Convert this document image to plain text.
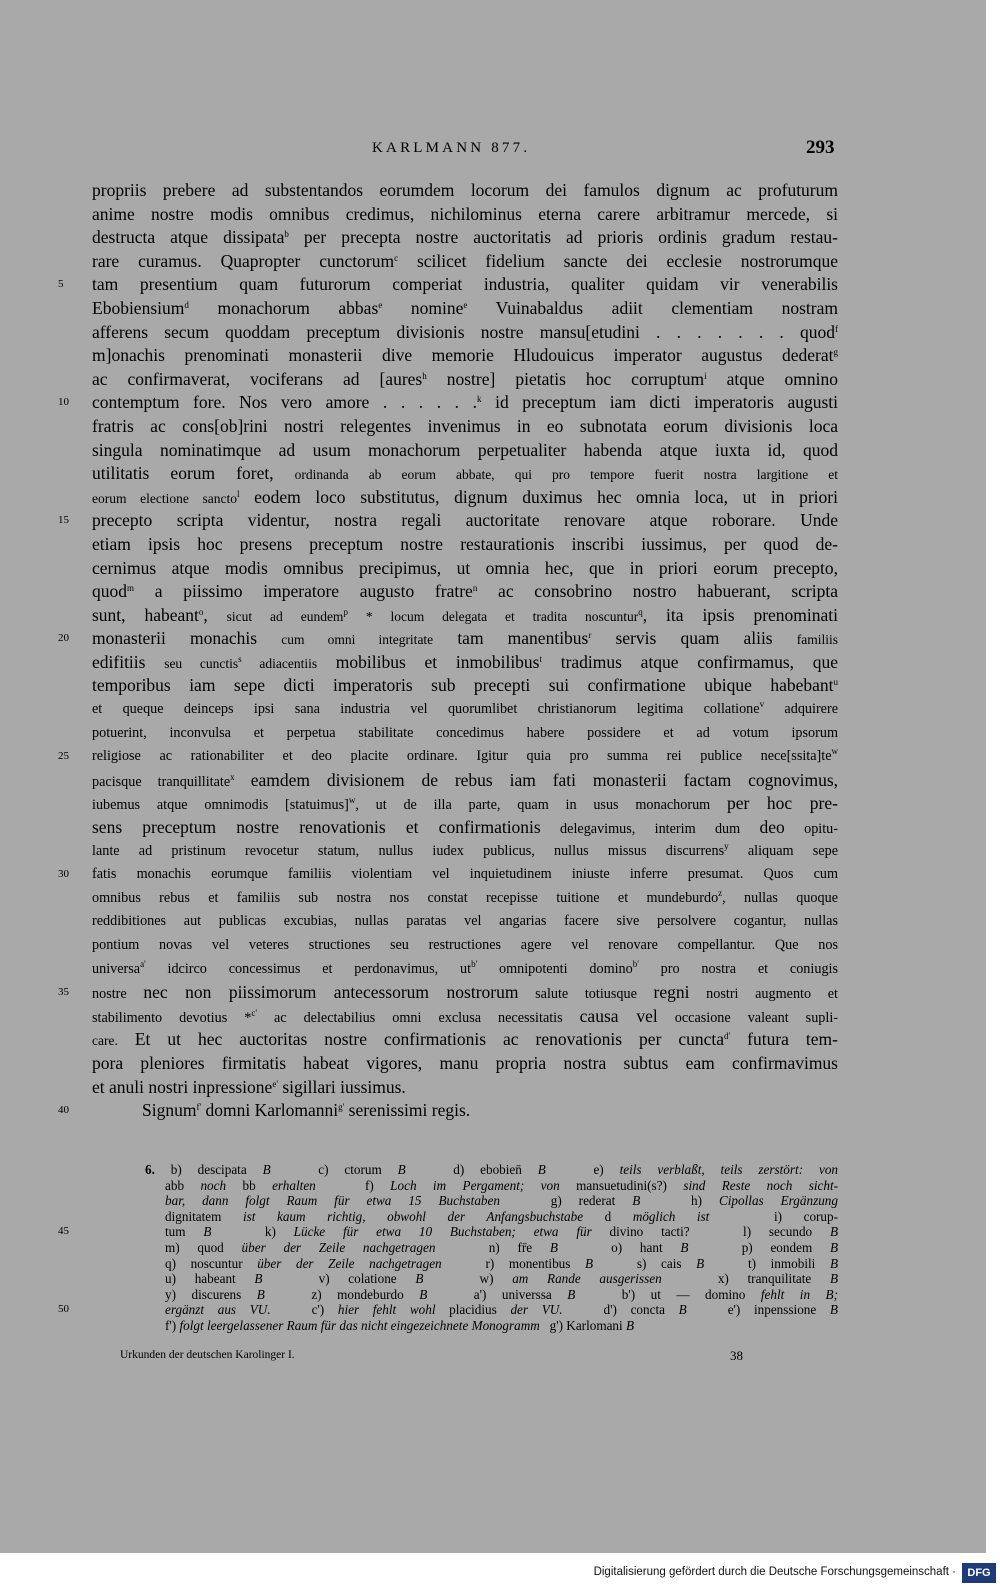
KARLMANN 877.	293
propriis prebere ad substentandos eorumdem locorum dei famulos dignum ac profuturum
anime nostre modis omnibus credimus, nichilominus eterna carere arbitramur mercede, si
destructa atque dissipata$^b$ per precepta nostre auctoritatis ad prioris ordinis gradum restau-
rare curamus. Quapropter cunctorum$^c$ scilicet fidelium sancte dei ecclesie nostrorumque
tam presentium quam futurorum comperiat industria, qualiter quidam vir venerabilis
5
Ebobiensium$^d$ monachorum abbas$^e$ nomine$^e$ Vuinabaldus adiit clementiam nostram
afferens secum quoddam preceptum divisionis nostre mansu[etudini . . . . . . . quod$^f$
m]onachis prenominati monasterii dive memorie Hludouicus imperator augustus dederat$^g$
ac confirmaverat, vociferans ad [aures$^h$ nostre] pietatis hoc corruptum$^i$ atque omnino
contemptum fore. Nos vero amore . . . . . .$^k$ id preceptum iam dicti imperatoris augusti
10
fratris ac cons[ob]rini nostri relegentes invenimus in eo subnotata eorum divisionis loca
singula nominatimque ad usum monachorum perpetualiter habenda atque iuxta id, quod
utilitatis eorum foret, ordinanda ab eorum abbate, qui pro tempore fuerit nostra largitione et
eorum electione sancto$^l$ eodem loco substitutus, dignum duximus hec omnia loca, ut in priori
precepto scripta videntur, nostra regali auctoritate renovare atque roborare. Unde
15
etiam ipsis hoc presens preceptum nostre restaurationis inscribi iussimus, per quod de-
cernimus atque modis omnibus precipimus, ut omnia hec, que in priori eorum precepto,
quod$^m$ a piissimo imperatore augusto fratre$^n$ ac consobrino nostro habuerant, scripta
sunt, habeant$^o$, sicut ad eundem$^p$ * locum delegata et tradita noscuntur$^q$, ita ipsis prenominati
monasterii monachis cum omni integritate tam manentibus$^r$ servis quam aliis familiis
20
edifitiis seu cunctis$^s$ adiacentiis mobilibus et inmobilibus$^t$ tradimus atque confirmamus, que
temporibus iam sepe dicti imperatoris sub precepti sui confirmatione ubique habebant$^u$
et queque deinceps ipsi sana industria vel quorumlibet christianorum legitima collatione$^v$ adquirere
potuerint, inconvulsa et perpetua stabilitate concedimus habere possidere et ad votum ipsorum
religiose ac rationabiliter et deo placite ordinare. Igitur quia pro summa rei publice $nece[ssita]te^w$
25
pacisque tranquillitate$^x$ eamdem divisionem de rebus iam fati monasterii factam cognovimus,
iubemus atque omnimodis [statuimus]$^w$, ut de illa parte, quam in usus monachorum per hoc pre-
sens preceptum nostre renovationis et confirmationis delegavimus, interim dum deo opitu-
lante ad pristinum revocetur statum, nullus iudex publicus, nullus missus discurrens$^y$ aliquam sepe
fatis monachis eorumque familiis violentiam vel inquietudinem iniuste inferre presumat. Quos cum
30
omnibus rebus et familiis sub nostra nos constat recepisse tuitione et mundeburdo$^z$, nullas quoque
reddibitiones aut publicas excubias, nullas paratas vel angarias facere sive persolvere cogantur, nullas
pontium novas vel veteres structiones seu restructiones agere vel renovare compellantur. Que nos
universa$^{a'}$ idcirco concessimus et perdonavimus, $ut^{b'}$ omnipotenti domino$^{b'}$ pro nostra et coniugis
nostre nec non piissimorum antecessorum nostrorum salute totiusque regni nostri augmento et
35
stabilimento devotius *$^{c'}$ ac delectabilius omni exclusa necessitatis causa vel occasione valeant supli-
care. Et ut hec auctoritas nostre confirmationis ac renovationis per cuncta$^{d'}$ futura tem-
pora pleniores firmitatis habeat vigores, manu propria nostra subtus eam confirmavimus
et anuli nostri inpressione$^{e'}$ sigillari iussimus.
Signum$^{f'}$ domni Karlomanni$^{g'}$ serenissimi regis.
40
6. b) descipata B   c) ctorum B   d) ebobien̄ B   e) teils verblaßt, teils zerstört: von
abb noch bb erhalten   f) Loch im Pergament; von mansuetudini(s?) sind Reste noch sicht-
bar, dann folgt Raum für etwa 15 Buchstaben   g) rederat B   h) Cipollas Ergänzung
dignitatem ist kaum richtig, obwohl der Anfangsbuchstabe d möglich ist   i) corup-
tum B   k) Lücke für etwa 10 Buchstaben; etwa für divino tacti?   l) secundo B
45
m) quod über der Zeile nachgetragen   n) fr̄e B   o) hant B   p) eondem B
q) noscuntur über der Zeile nachgetragen   r) monentibus B   s) cais B   t) inmobili B
u) habeant B   v) colatione B   w) am Rande ausgerissen   x) tranquilitate B
y) discurens B   z) mondeburdo B   a') universsa B   b') ut — domino fehlt in B;
ergänzt aus VU.   c') hier fehlt wohl placidius der VU.   d') concta B   e') inpenssione B
50
f') folgt leergelassener Raum für das nicht eingezeichnete Monogramm   g') Karlomani B
Urkunden der deutschen Karolinger I.	38
Digitalisierung gefördert durch die Deutsche Forschungsgemeinschaft ·	DFG
